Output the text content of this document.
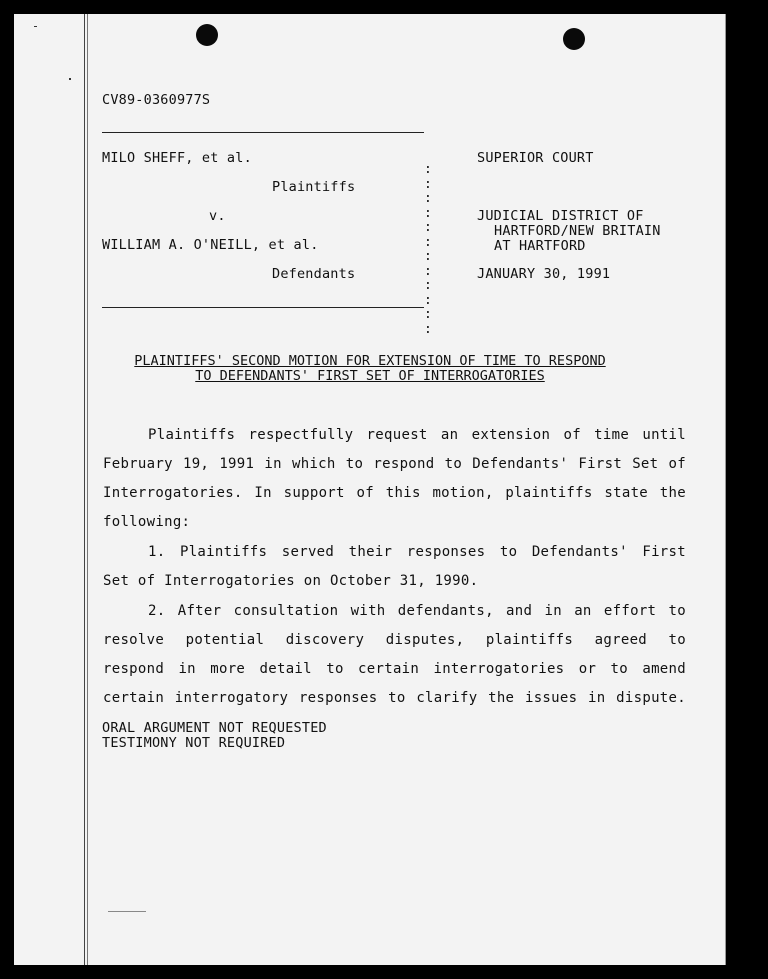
CV89-0360977S
MILO SHEFF, et al.
Plaintiffs
v.
WILLIAM A. O'NEILL, et al.
Defendants

:
:
:
:
:
:
:
:
:
:
:
:

SUPERIOR COURT
JUDICIAL DISTRICT OF
HARTFORD/NEW BRITAIN
AT HARTFORD
JANUARY 30, 1991
PLAINTIFFS' SECOND MOTION FOR EXTENSION OF TIME TO RESPOND
TO DEFENDANTS' FIRST SET OF INTERROGATORIES
Plaintiffs respectfully request an extension of time until
February 19, 1991 in which to respond to Defendants' First Set of
Interrogatories. In support of this motion, plaintiffs state the
following:
1. Plaintiffs served their responses to Defendants' First
Set of Interrogatories on October 31, 1990.
2. After consultation with defendants, and in an effort to
resolve potential discovery disputes, plaintiffs agreed to
respond in more detail to certain interrogatories or to amend
certain interrogatory responses to clarify the issues in dispute.
ORAL ARGUMENT NOT REQUESTED
TESTIMONY NOT REQUIRED
